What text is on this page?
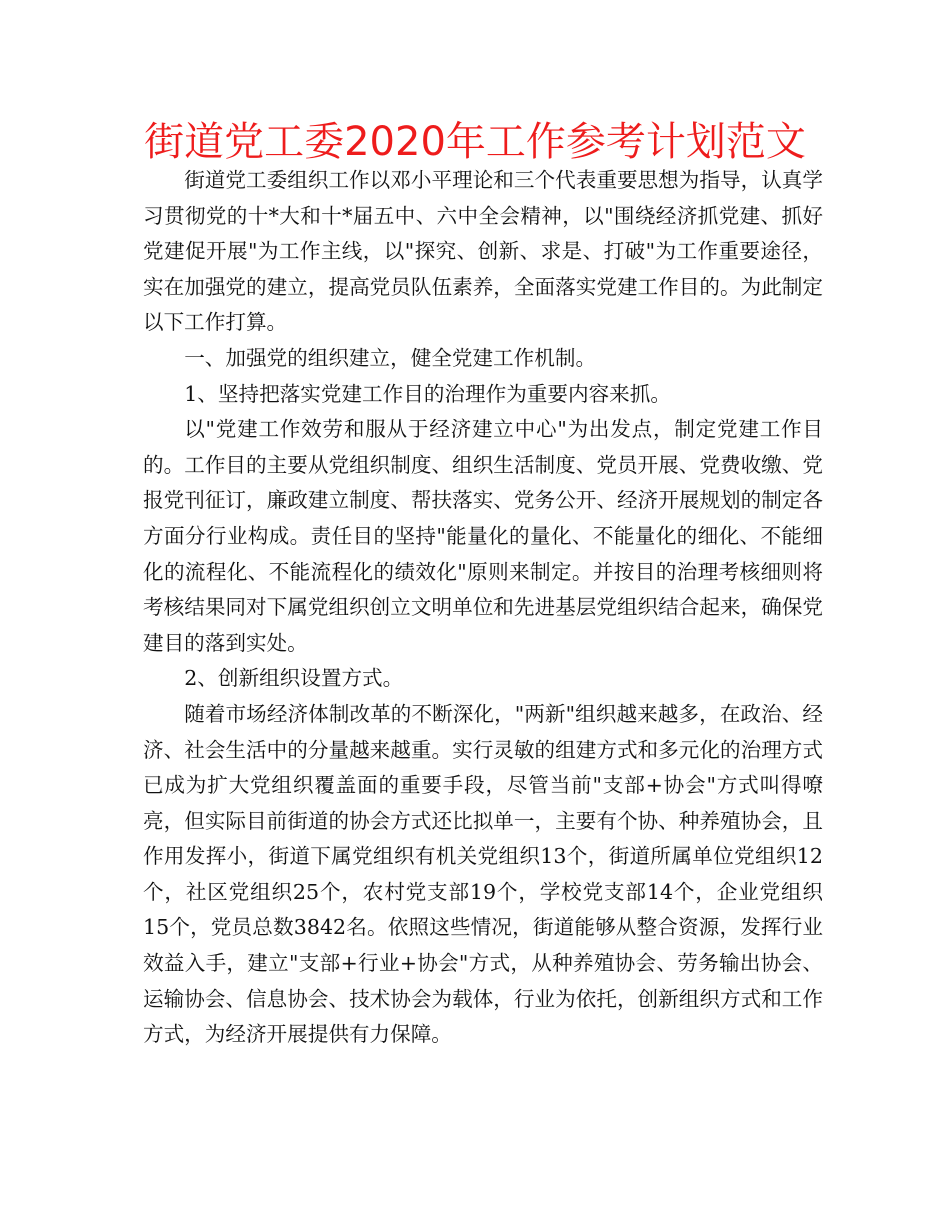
街道党工委2020年工作参考计划范文

街道党工委组织工作以邓小平理论和三个代表重要思想为指导，认真学习贯彻党的十*大和十*届五中、六中全会精神，以"围绕经济抓党建、抓好党建促开展"为工作主线，以"探究、创新、求是、打破"为工作重要途径，实在加强党的建立，提高党员队伍素养，全面落实党建工作目的。为此制定以下工作打算。

一、加强党的组织建立，健全党建工作机制。

1、坚持把落实党建工作目的治理作为重要内容来抓。

以"党建工作效劳和服从于经济建立中心"为出发点，制定党建工作目的。工作目的主要从党组织制度、组织生活制度、党员开展、党费收缴、党报党刊征订，廉政建立制度、帮扶落实、党务公开、经济开展规划的制定各方面分行业构成。责任目的坚持"能量化的量化、不能量化的细化、不能细化的流程化、不能流程化的绩效化"原则来制定。并按目的治理考核细则将考核结果同对下属党组织创立文明单位和先进基层党组织结合起来，确保党建目的落到实处。

2、创新组织设置方式。

随着市场经济体制改革的不断深化，"两新"组织越来越多，在政治、经济、社会生活中的分量越来越重。实行灵敏的组建方式和多元化的治理方式已成为扩大党组织覆盖面的重要手段，尽管当前"支部+协会"方式叫得嘹亮，但实际目前街道的协会方式还比拟单一，主要有个协、种养殖协会，且作用发挥小，街道下属党组织有机关党组织13个，街道所属单位党组织12个，社区党组织25个，农村党支部19个，学校党支部14个，企业党组织15个，党员总数3842名。依照这些情况，街道能够从整合资源，发挥行业效益入手，建立"支部+行业+协会"方式，从种养殖协会、劳务输出协会、运输协会、信息协会、技术协会为载体，行业为依托，创新组织方式和工作方式，为经济开展提供有力保障。
